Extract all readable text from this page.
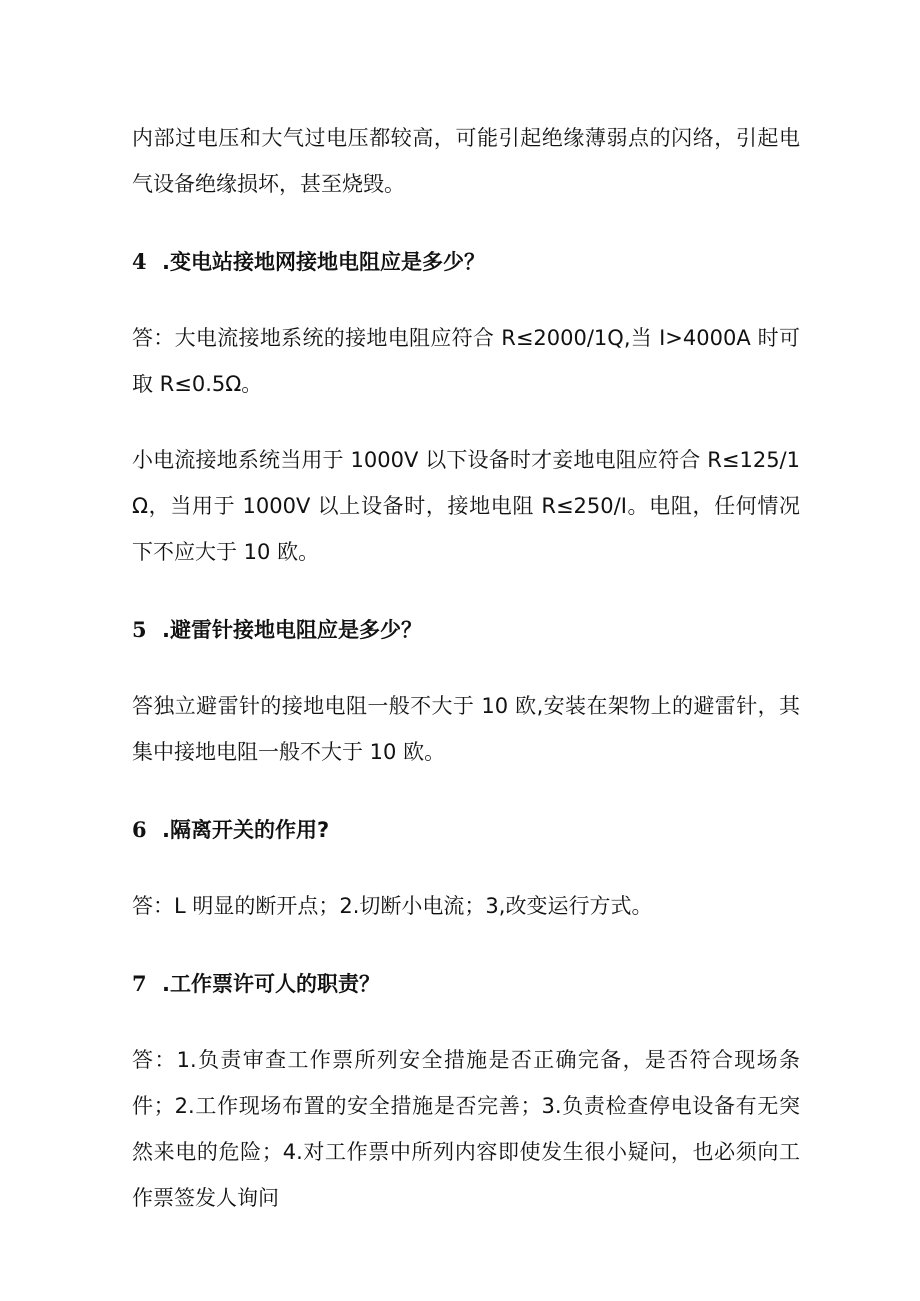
内部过电压和大气过电压都较高，可能引起绝缘薄弱点的闪络，引起电气设备绝缘损坏，甚至烧毁。

4 .变电站接地网接地电阻应是多少？

答：大电流接地系统的接地电阻应符合 R≤2000/1Q,当 I>4000A 时可取 R≤0.5Ω。

小电流接地系统当用于 1000V 以下设备时才妾地电阻应符合 R≤125/1Ω，当用于 1000V 以上设备时，接地电阻 R≤250/I。电阻，任何情况下不应大于 10 欧。

5 .避雷针接地电阻应是多少？

答独立避雷针的接地电阻一般不大于 10 欧,安装在架物上的避雷针，其集中接地电阻一般不大于 10 欧。

6 .隔离开关的作用?

答：L 明显的断开点；2.切断小电流；3,改变运行方式。

7 .工作票许可人的职责？

答：1.负责审查工作票所列安全措施是否正确完备，是否符合现场条件；2.工作现场布置的安全措施是否完善；3.负责检查停电设备有无突然来电的危险；4.对工作票中所列内容即使发生很小疑问，也必须向工作票签发人询问
